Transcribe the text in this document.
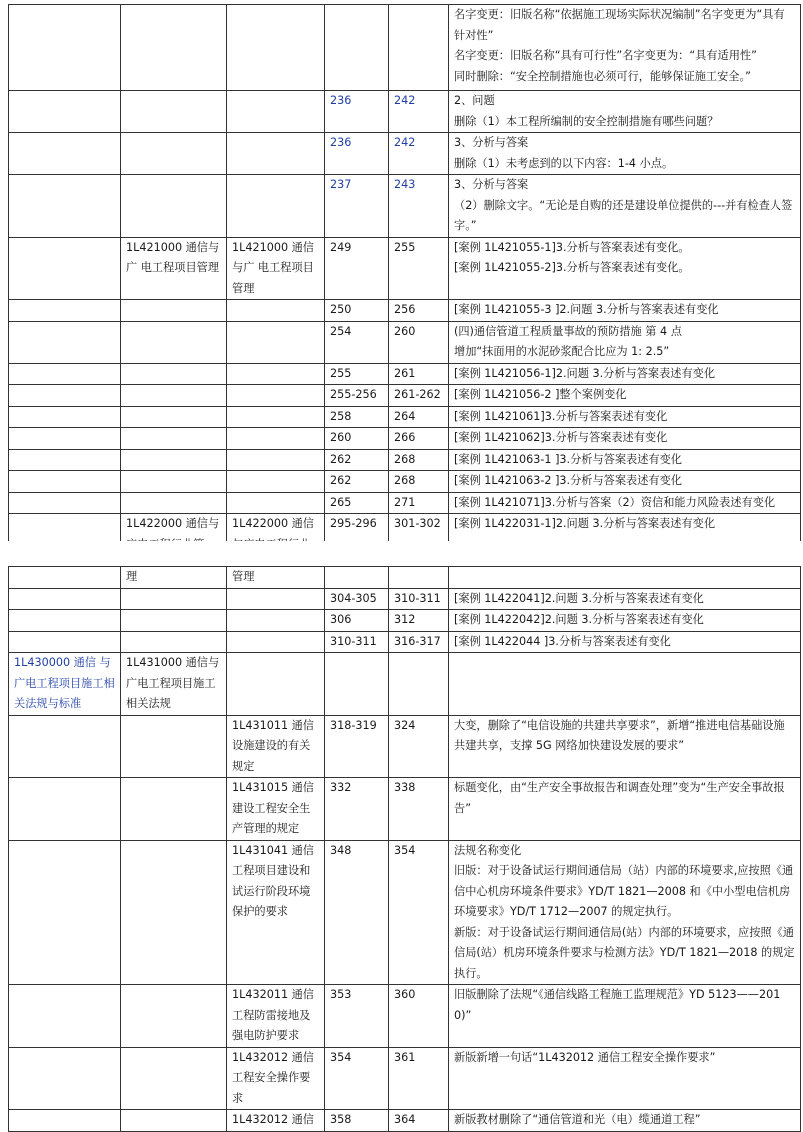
					名字变更：旧版名称“依据施工现场实际状况编制”名字变更为“具有针对性”
名字变更：旧版名称“具有可行性”名字变更为：“具有适用性”
同时删除：“安全控制措施也必须可行，能够保证施工安全。”

			236	242	2、问题
删除（1）本工程所编制的安全控制措施有哪些问题？

			236	242	3、分析与答案
删除（1）未考虑到的以下内容：1-4 小点。

			237	243	3、分析与答案
（2）删除文字。“无论是自购的还是建设单位提供的---并有检查人签字。”

	1L421000 通信与广 电工程项目管理	1L421000 通信与广 电工程项目管理	249	255	[案例 1L421055-1]3.分析与答案表述有变化。
[案例 1L421055-2]3.分析与答案表述有变化。

			250	256	[案例 1L421055-3 ]2.问题 3.分析与答案表述有变化

			254	260	(四)通信管道工程质量事故的预防措施 第 4 点
增加“抹面用的水泥砂浆配合比应为 1: 2.5”

			255	261	[案例 1L421056-1]2.问题 3.分析与答案表述有变化

			255-256	261-262	[案例 1L421056-2 ]整个案例变化

			258	264	[案例 1L421061]3.分析与答案表述有变化

			260	266	[案例 1L421062]3.分析与答案表述有变化

			262	268	[案例 1L421063-1 ]3.分析与答案表述有变化

			262	268	[案例 1L421063-2 ]3.分析与答案表述有变化

			265	271	[案例 1L421071]3.分析与答案（2）资信和能力风险表述有变化

	1L422000 通信与	1L422000 通信	295-296	301-302	[案例 1L422031-1]2.问题 3.分析与答案表述有变化
	理	管理			

			304-305	310-311	[案例 1L422041]2.问题 3.分析与答案表述有变化

			306	312	[案例 1L422042]2.问题 3.分析与答案表述有变化

			310-311	316-317	[案例 1L422044 ]3.分析与答案表述有变化

1L430000 通信 与广电工程项目施工相关法规与标准	1L431000 通信与广电工程项目施工相关法规				

		1L431011 通信设施建设的有关规定	318-319	324	大变，删除了“电信设施的共建共享要求”，新增“推进电信基础设施共建共享，支撑 5G 网络加快建设发展的要求”

		1L431015 通信建设工程安全生产管理的规定	332	338	标题变化，由“生产安全事故报告和调查处理”变为“生产安全事故报告”

		1L431041 通信工程项目建设和试运行阶段环境保护的要求	348	354	法规名称变化
旧版：对于设备试运行期间通信局（站）内部的环境要求,应按照《通信中心机房环境条件要求》YD/T 1821—2008 和《中小型电信机房环境要求》YD/T 1712—2007 的规定执行。
新版：对于设备试运行期间通信局(站）内部的环境要求，应按照《通信局(站）机房环境条件要求与检测方法》YD/T 1821—2018 的规定执行。

		1L432011 通信工程防雷接地及强电防护要求	353	360	旧版删除了法规“《通信线路工程施工监理规范》YD 5123——2010)”

		1L432012 通信工程安全操作要求	354	361	新版新增一句话“1L432012 通信工程安全操作要求”

		1L432012 通信	358	364	新版教材删除了“通信管道和光（电）缆通道工程”
